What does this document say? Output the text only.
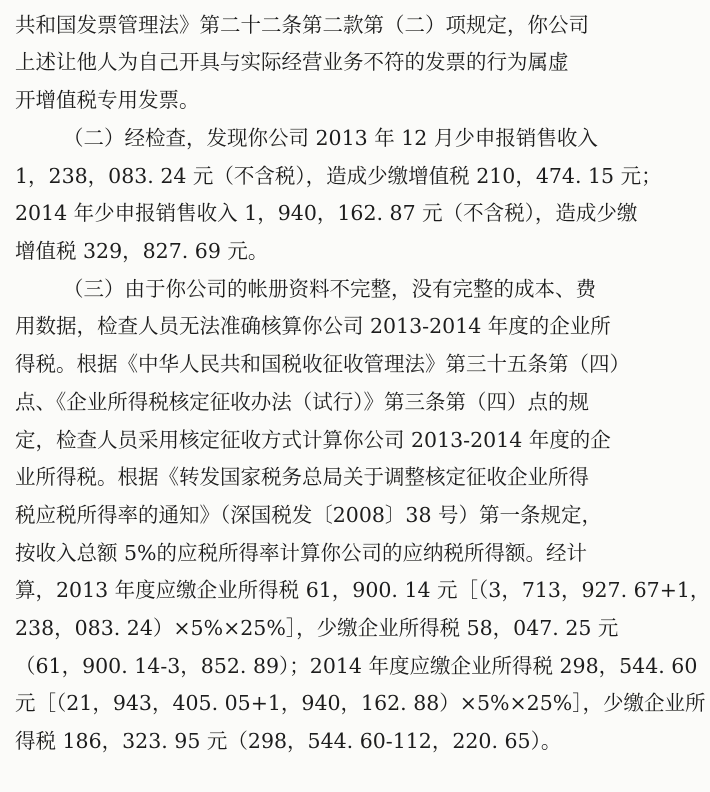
共和国发票管理法》第二十二条第二款第（二）项规定，你公司
上述让他人为自己开具与实际经营业务不符的发票的行为属虚
开增值税专用发票。
（二）经检查，发现你公司 2013 年 12 月少申报销售收入
1，238，083. 24 元（不含税），造成少缴增值税 210，474. 15 元；
2014 年少申报销售收入 1，940，162. 87 元（不含税），造成少缴
增值税 329，827. 69 元。
（三）由于你公司的帐册资料不完整，没有完整的成本、费
用数据，检查人员无法准确核算你公司 2013-2014 年度的企业所
得税。根据《中华人民共和国税收征收管理法》第三十五条第（四）
点、《企业所得税核定征收办法（试行）》第三条第（四）点的规
定，检查人员采用核定征收方式计算你公司 2013-2014 年度的企
业所得税。根据《转发国家税务总局关于调整核定征收企业所得
税应税所得率的通知》（深国税发〔2008〕38 号）第一条规定，
按收入总额 5%的应税所得率计算你公司的应纳税所得额。经计
算，2013 年度应缴企业所得税 61，900. 14 元［（3，713，927. 67+1，
238，083. 24）×5%×25%］，少缴企业所得税 58，047. 25 元
（61，900. 14-3，852. 89）；2014 年度应缴企业所得税 298，544. 60
元［（21，943，405. 05+1，940，162. 88）×5%×25%］，少缴企业所
得税 186，323. 95 元（298，544. 60-112，220. 65）。
